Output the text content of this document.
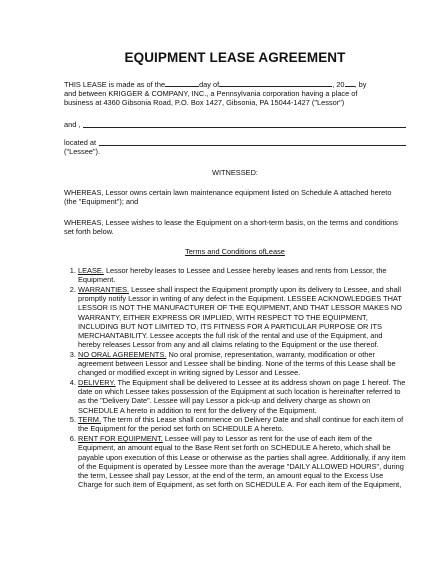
EQUIPMENT LEASE AGREEMENT
THIS LEASE is made as of the	day of	, 20 , by
and between KRIGGER & COMPANY, INC., a Pennsylvania corporation having a place of
business at 4360 Gibsonia Road, P.O. Box 1427, Gibsonia, PA 15044-1427 ("Lessor")
and ,
located at
("Lessee").
WITNESSED:

WHEREAS, Lessor owns certain lawn maintenance equipment listed on Schedule A attached hereto (the "Equipment"); and

WHEREAS, Lessee wishes to lease the Equipment on a short-term basis, on the terms and conditions set forth below.

Terms and Conditions ofLease
1. LEASE. Lessor hereby leases to Lessee and Lessee hereby leases and rents from Lessor, the Equipment.
2. WARRANTIES. Lessee shall inspect the Equipment promptly upon its delivery to Lessee, and shall promptly notify Lessor in writing of any defect in the Equipment. LESSEE ACKNOWLEDGES THAT LESSOR IS NOT THE MANUFACTURER OF THE EQUIPMENT, AND THAT LESSOR MAKES NO WARRANTY, EITHER EXPRESS OR IMPLIED, WITH RESPECT TO THE EQUIPMENT, INCLUDING BUT NOT LIMITED TO, ITS FITNESS FOR A PARTICULAR PURPOSE OR ITS MERCHANTABILITY. Lessee accepts the full risk of the rental and use of the Equipment, and hereby releases Lessor from any and all claims relating to the Equipment or the use thereof.
3. NO ORAL AGREEMENTS. No oral promise, representation, warranty, modification or other agreement between Lessor and Lessee shall be binding. None of the terms of this Lease shall be changed or modified except in writing signed by Lessor and Lessee.
4. DELIVERY. The Equipment shall be delivered to Lessee at its address shown on page 1 hereof. The date on which Lessee takes possession of the Equipment at such location is hereinafter referred to as the "Delivery Date". Lessee will pay Lessor a pick-up and delivery charge as shown on SCHEDULE A hereto in addition to rent for the delivery of the Equipment.
5. TERM. The term of this Lease shall commence on Delivery Date and shall continue for each item of the Equipment for the period set forth on SCHEDULE A hereto.
6. RENT FOR EQUIPMENT. Lessee will pay to Lessor as rent for the use of each item of the Equipment, an amount equal to the Base Rent set forth on SCHEDULE A hereto, which shall be payable upon execution of this Lease or otherwise as the parties shall agree. Additionally, if any item of the Equipment is operated by Lessee more than the average "DAILY ALLOWED HOURS", during the term, Lessee shall pay Lessor, at the end of the term, an amount equal to the Excess Use Charge for such item of Equipment, as set forth on SCHEDULE A. For each item of the Equipment,
